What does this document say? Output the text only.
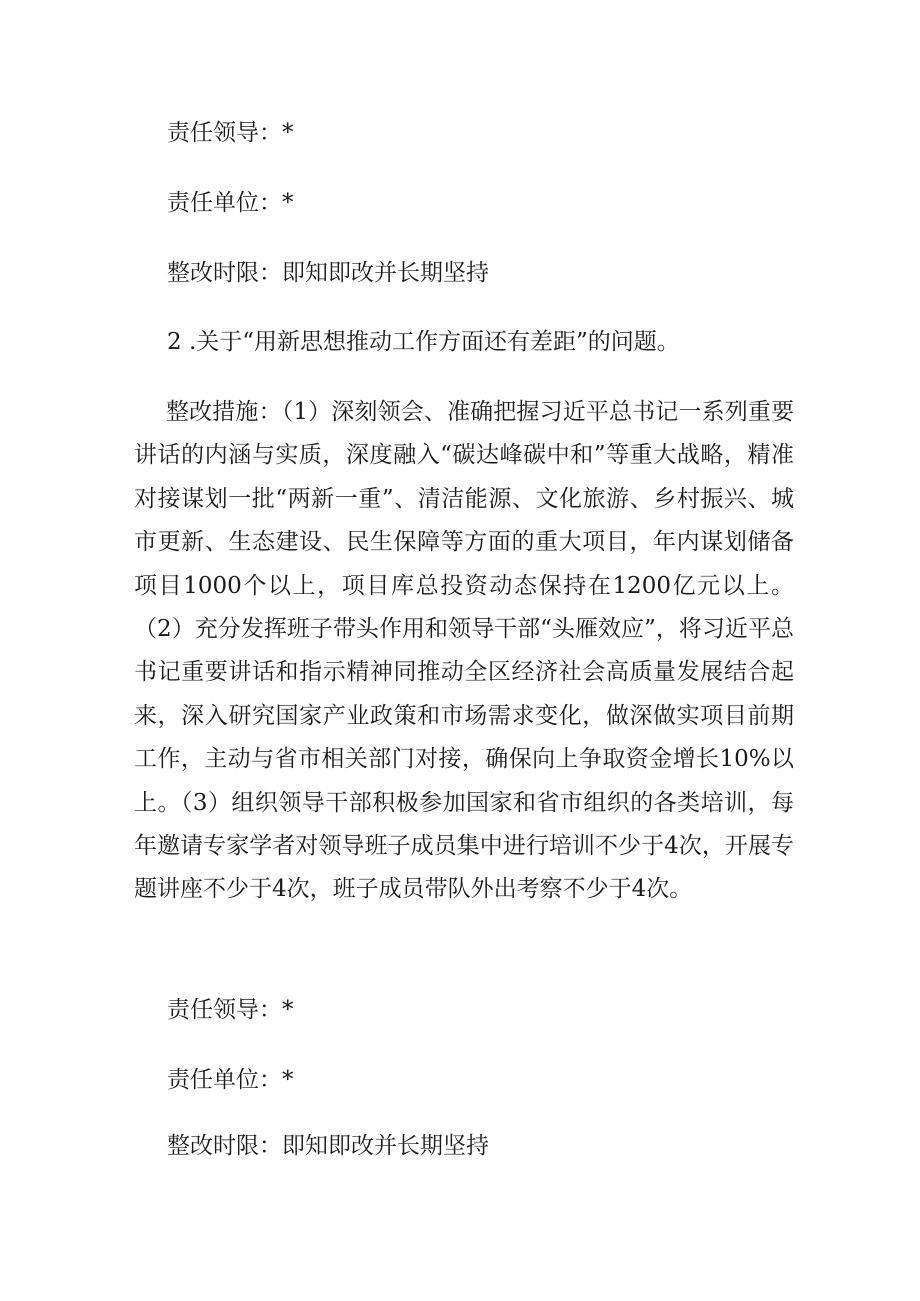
责任领导：*
责任单位：*
整改时限：即知即改并长期坚持
2 .关于“用新思想推动工作方面还有差距”的问题。

整改措施：（1）深刻领会、准确把握习近平总书记一系列重要讲话的内涵与实质，深度融入“碳达峰碳中和”等重大战略，精准对接谋划一批“两新一重”、清洁能源、文化旅游、乡村振兴、城市更新、生态建设、民生保障等方面的重大项目，年内谋划储备项目1000个以上，项目库总投资动态保持在1200亿元以上。（2）充分发挥班子带头作用和领导干部“头雁效应”，将习近平总书记重要讲话和指示精神同推动全区经济社会高质量发展结合起来，深入研究国家产业政策和市场需求变化，做深做实项目前期工作，主动与省市相关部门对接，确保向上争取资金增长10%以上。（3）组织领导干部积极参加国家和省市组织的各类培训，每年邀请专家学者对领导班子成员集中进行培训不少于4次，开展专题讲座不少于4次，班子成员带队外出考察不少于4次。

责任领导：*
责任单位：*
整改时限：即知即改并长期坚持
